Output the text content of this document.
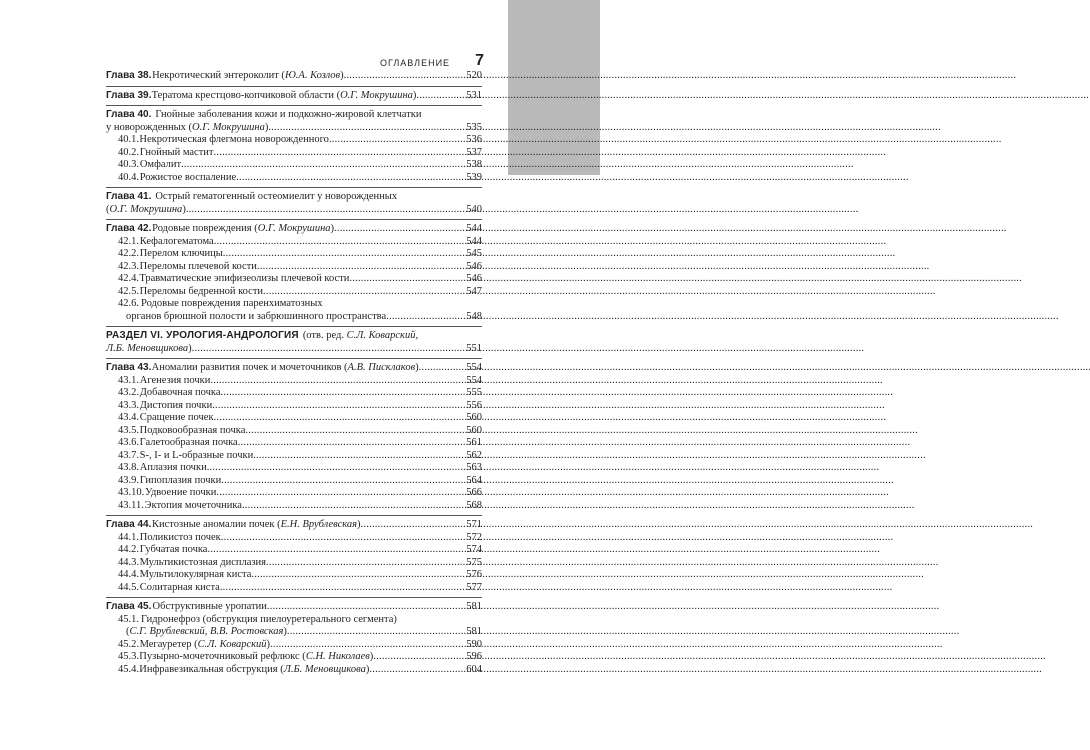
ОГЛАВЛЕНИЕ 7
Глава 38. Некротический энтероколит (Ю.А. Козлов) . . .	520
Глава 39. Тератома крестцово-копчиковой области (О.Г. Мокрушина) . . .	531
Глава 40. Гнойные заболевания кожи и подкожно-жировой клетчатки
у новорожденных (О.Г. Мокрушина) . . .	535
40.1. Некротическая флегмона новорожденного . . .	536
40.2. Гнойный мастит . . .	537
40.3. Омфалит . . .	538
40.4. Рожистое воспаление . . .	539
Глава 41. Острый гематогенный остеомиелит у новорожденных
(О.Г. Мокрушина) . . .	540
Глава 42. Родовые повреждения (О.Г. Мокрушина) . . .	544
42.1. Кефалогематома . . .	544
42.2. Перелом ключицы . . .	545
42.3. Переломы плечевой кости . . .	546
42.4. Травматические эпифизеолизы плечевой кости . . .	546
42.5. Переломы бедренной кости . . .	547
42.6. Родовые повреждения паренхиматозных
органов брюшной полости и забрюшинного пространства . . .	548
РАЗДЕЛ VI. УРОЛОГИЯ-АНДРОЛОГИЯ (отв. ред. С.Л. Коварский,
Л.Б. Меновщикова) . . .	551
Глава 43. Аномалии развития почек и мочеточников (А.В. Писклаков) . . .	554
43.1. Агенезия почки . . .	554
43.2. Добавочная почка . . .	555
43.3. Дистопия почки . . .	556
43.4. Сращение почек . . .	560
43.5. Подковообразная почка . . .	560
43.6. Галетообразная почка . . .	561
43.7. S-, I- и L-образные почки . . .	562
43.8. Аплазия почки . . .	563
43.9. Гипоплазия почки . . .	564
43.10. Удвоение почки . . .	566
43.11. Эктопия мочеточника . . .	568
Глава 44. Кистозные аномалии почек (Е.Н. Врублевская) . . .	571
44.1. Поликистоз почек . . .	572
44.2. Губчатая почка . . .	574
44.3. Мультикистозная дисплазия . . .	575
44.4. Мультилокулярная киста . . .	576
44.5. Солитарная киста . . .	577
Глава 45. Обструктивные уропатии . . .	581
45.1. Гидронефроз (обструкция пиелоуретерального сегмента)
(С.Г. Врублевский, В.В. Ростовская) . . .	581
45.2. Мегаурeтер (С.Л. Коварский) . . .	590
45.3. Пузырно-мочеточниковый рефлюкс (С.Н. Николаев) . . .	596
45.4. Инфравезикальная обструкция (Л.Б. Меновщикова) . . .	604
